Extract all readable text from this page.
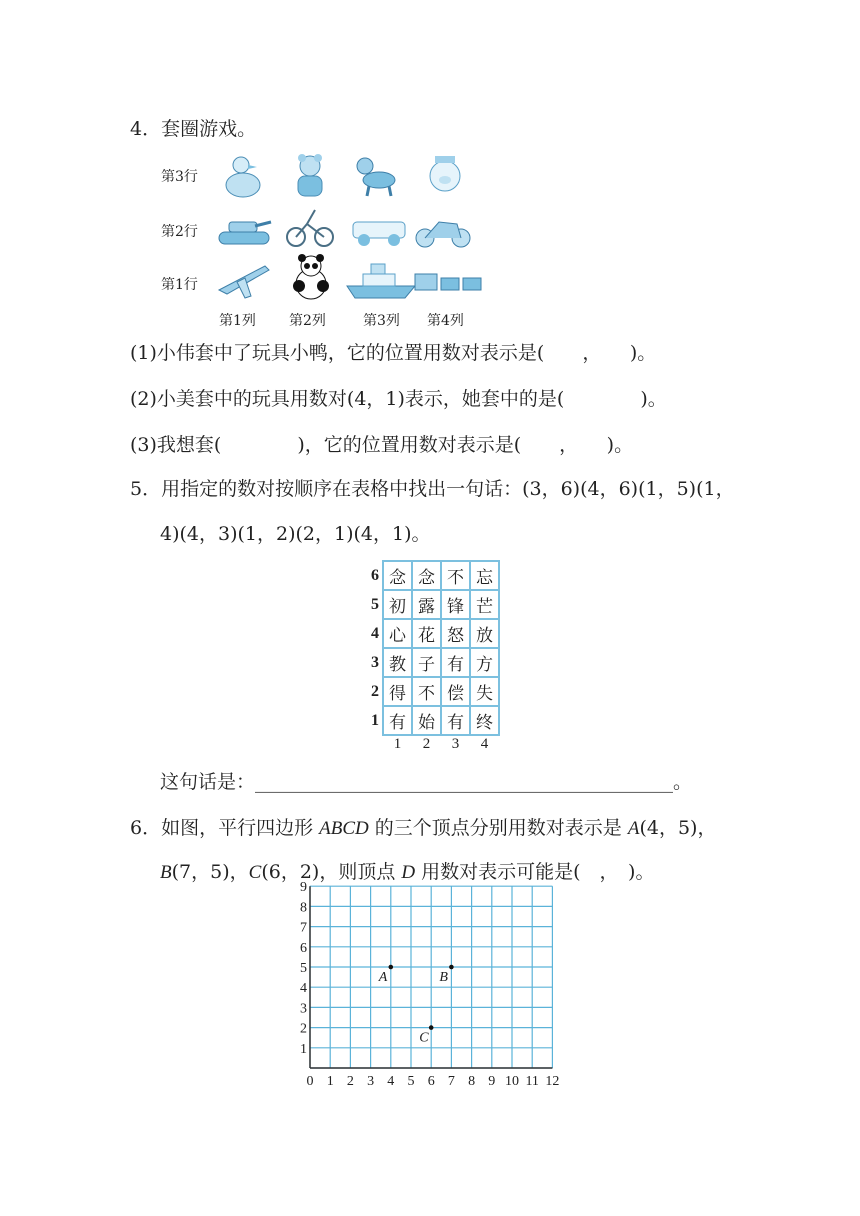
4．套圈游戏。
第3行
第2行
第1行
第1列 第2列	第3列 第4列
(1)小伟套中了玩具小鸭，它的位置用数对表示是(　　，　　)。
(2)小美套中的玩具用数对(4，1)表示，她套中的是(　　　　)。
(3)我想套(　　　　)，它的位置用数对表示是(　　，　　)。
5．用指定的数对按顺序在表格中找出一句话：(3，6)(4，6)(1，5)(1，
4)(4，3)(1，2)(2，1)(4，1)。
6	念	念	不	忘
5	初	露	锋	芒
4	心	花	怒	放
3	教	子	有	方
2	得	不	偿	失
1	有	始	有	终
	1	2	3	4
这句话是：____________________________________________。
6．如图，平行四边形 ABCD 的三个顶点分别用数对表示是 A(4，5)，
B(7，5)，C(6，2)，则顶点 D 用数对表示可能是(　，　)。
0 1 2 3 4 5 6 7 8 9 10 11 12
1
2
3
4
5
6
7
8
9
A	B
C
